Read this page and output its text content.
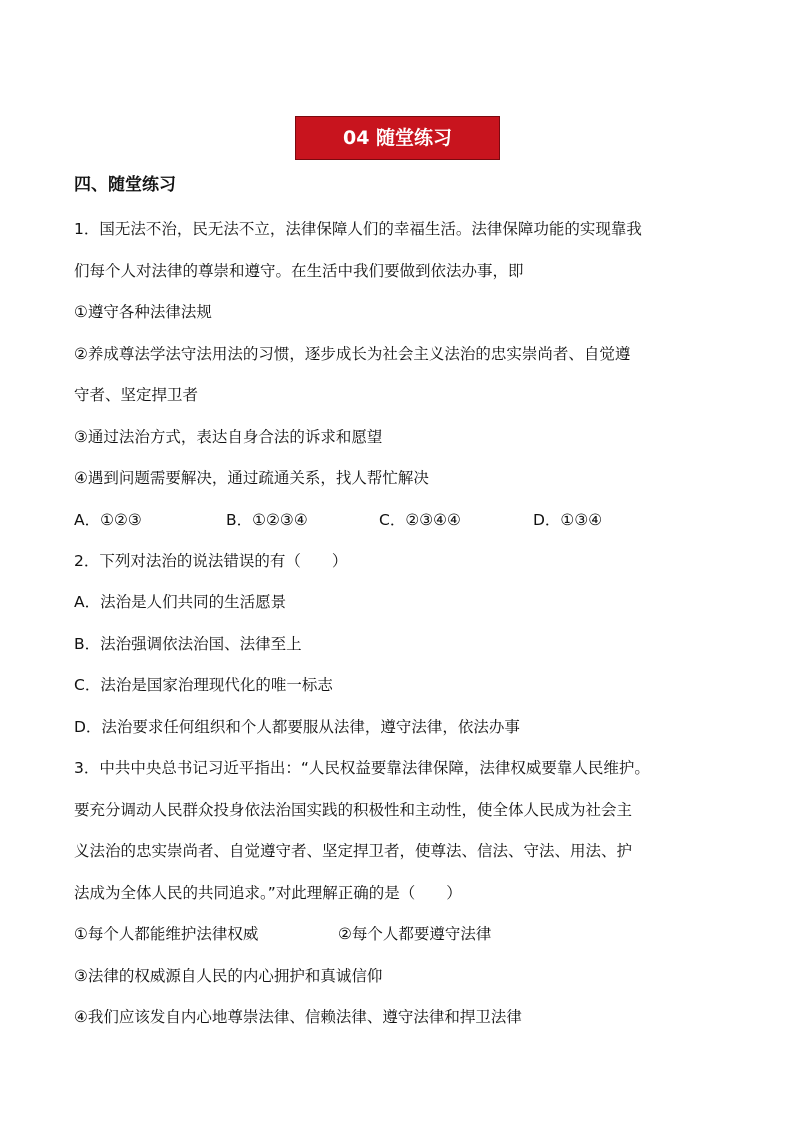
04 随堂练习
四、随堂练习
1．国无法不治，民无法不立，法律保障人们的幸福生活。法律保障功能的实现靠我
们每个人对法律的尊崇和遵守。在生活中我们要做到依法办事，即
①遵守各种法律法规
②养成尊法学法守法用法的习惯，逐步成长为社会主义法治的忠实崇尚者、自觉遵
守者、坚定捍卫者
③通过法治方式，表达自身合法的诉求和愿望
④遇到问题需要解决，通过疏通关系，找人帮忙解决
A．①②③	B．①②③④	C．②③④④	D．①③④
2．下列对法治的说法错误的有（　　）
A．法治是人们共同的生活愿景
B．法治强调依法治国、法律至上
C．法治是国家治理现代化的唯一标志
D．法治要求任何组织和个人都要服从法律，遵守法律，依法办事
3．中共中央总书记习近平指出：“人民权益要靠法律保障，法律权威要靠人民维护。
要充分调动人民群众投身依法治国实践的积极性和主动性，使全体人民成为社会主
义法治的忠实崇尚者、自觉遵守者、坚定捍卫者，使尊法、信法、守法、用法、护
法成为全体人民的共同追求。”对此理解正确的是（　　）
①每个人都能维护法律权威	②每个人都要遵守法律
③法律的权威源自人民的内心拥护和真诚信仰
④我们应该发自内心地尊崇法律、信赖法律、遵守法律和捍卫法律
